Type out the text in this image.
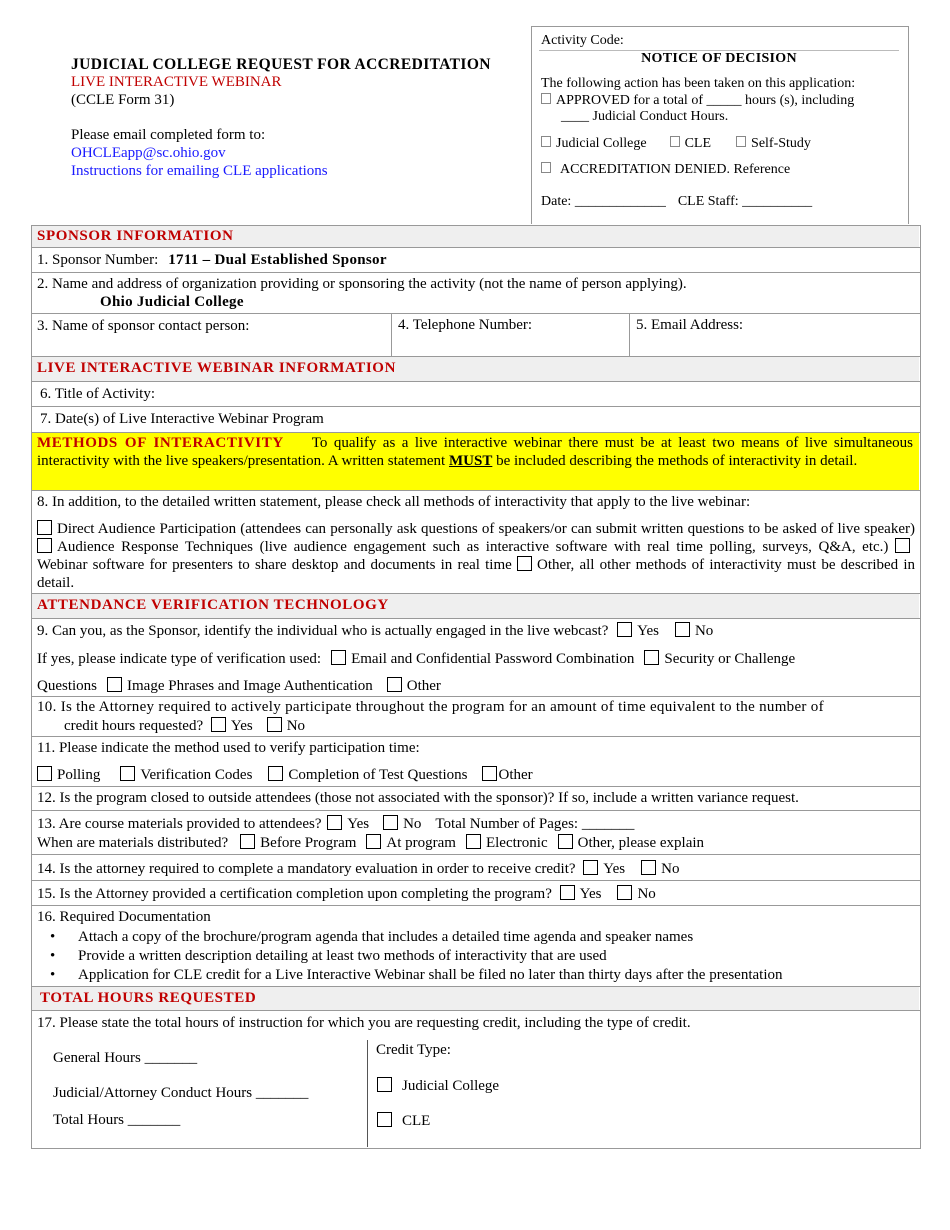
JUDICIAL COLLEGE REQUEST FOR ACCREDITATION
LIVE INTERACTIVE WEBINAR
(CCLE Form 31)
Please email completed form to:
OHCLEapp@sc.ohio.gov
Instructions for emailing CLE applications
Activity Code:
NOTICE OF DECISION
The following action has been taken on this application:
APPROVED for a total of _____ hours (s), including
____ Judicial Conduct Hours.
Judicial College	CLE	Self-Study
ACCREDITATION DENIED. Reference
Date: _____________ CLE Staff: __________
SPONSOR INFORMATION
1. Sponsor Number: 1711 – Dual Established Sponsor
2. Name and address of organization providing or sponsoring the activity (not the name of person applying).
Ohio Judicial College
3. Name of sponsor contact person:	4. Telephone Number:	5. Email Address:
LIVE INTERACTIVE WEBINAR INFORMATION
6. Title of Activity:
7. Date(s) of Live Interactive Webinar Program
METHODS OF INTERACTIVITY To qualify as a live interactive webinar there must be at least two means of live simultaneous interactivity with the live speakers/presentation. A written statement MUST be included describing the methods of interactivity in detail.
8. In addition, to the detailed written statement, please check all methods of interactivity that apply to the live webinar:
Direct Audience Participation (attendees can personally ask questions of speakers/or can submit written questions to be asked of live speaker) Audience Response Techniques (live audience engagement such as interactive software with real time polling, surveys, Q&A, etc.) Webinar software for presenters to share desktop and documents in real time Other, all other methods of interactivity must be described in detail.
ATTENDANCE VERIFICATION TECHNOLOGY
9. Can you, as the Sponsor, identify the individual who is actually engaged in the live webcast? Yes No
If yes, please indicate type of verification used: Email and Confidential Password Combination Security or Challenge
Questions Image Phrases and Image Authentication Other
10. Is the Attorney required to actively participate throughout the program for an amount of time equivalent to the number of
credit hours requested? Yes No
11. Please indicate the method used to verify participation time:
Polling	Verification Codes Completion of Test Questions Other
12. Is the program closed to outside attendees (those not associated with the sponsor)? If so, include a written variance request.
13. Are course materials provided to attendees? Yes No Total Number of Pages: _______
When are materials distributed? Before Program At program Electronic Other, please explain
14. Is the attorney required to complete a mandatory evaluation in order to receive credit? Yes No
15. Is the Attorney provided a certification completion upon completing the program? Yes No
16. Required Documentation
• Attach a copy of the brochure/program agenda that includes a detailed time agenda and speaker names
• Provide a written description detailing at least two methods of interactivity that are used
• Application for CLE credit for a Live Interactive Webinar shall be filed no later than thirty days after the presentation
TOTAL HOURS REQUESTED
17. Please state the total hours of instruction for which you are requesting credit, including the type of credit.
General Hours _______
Judicial/Attorney Conduct Hours _______
Total Hours _______
Credit Type:
Judicial College
CLE
